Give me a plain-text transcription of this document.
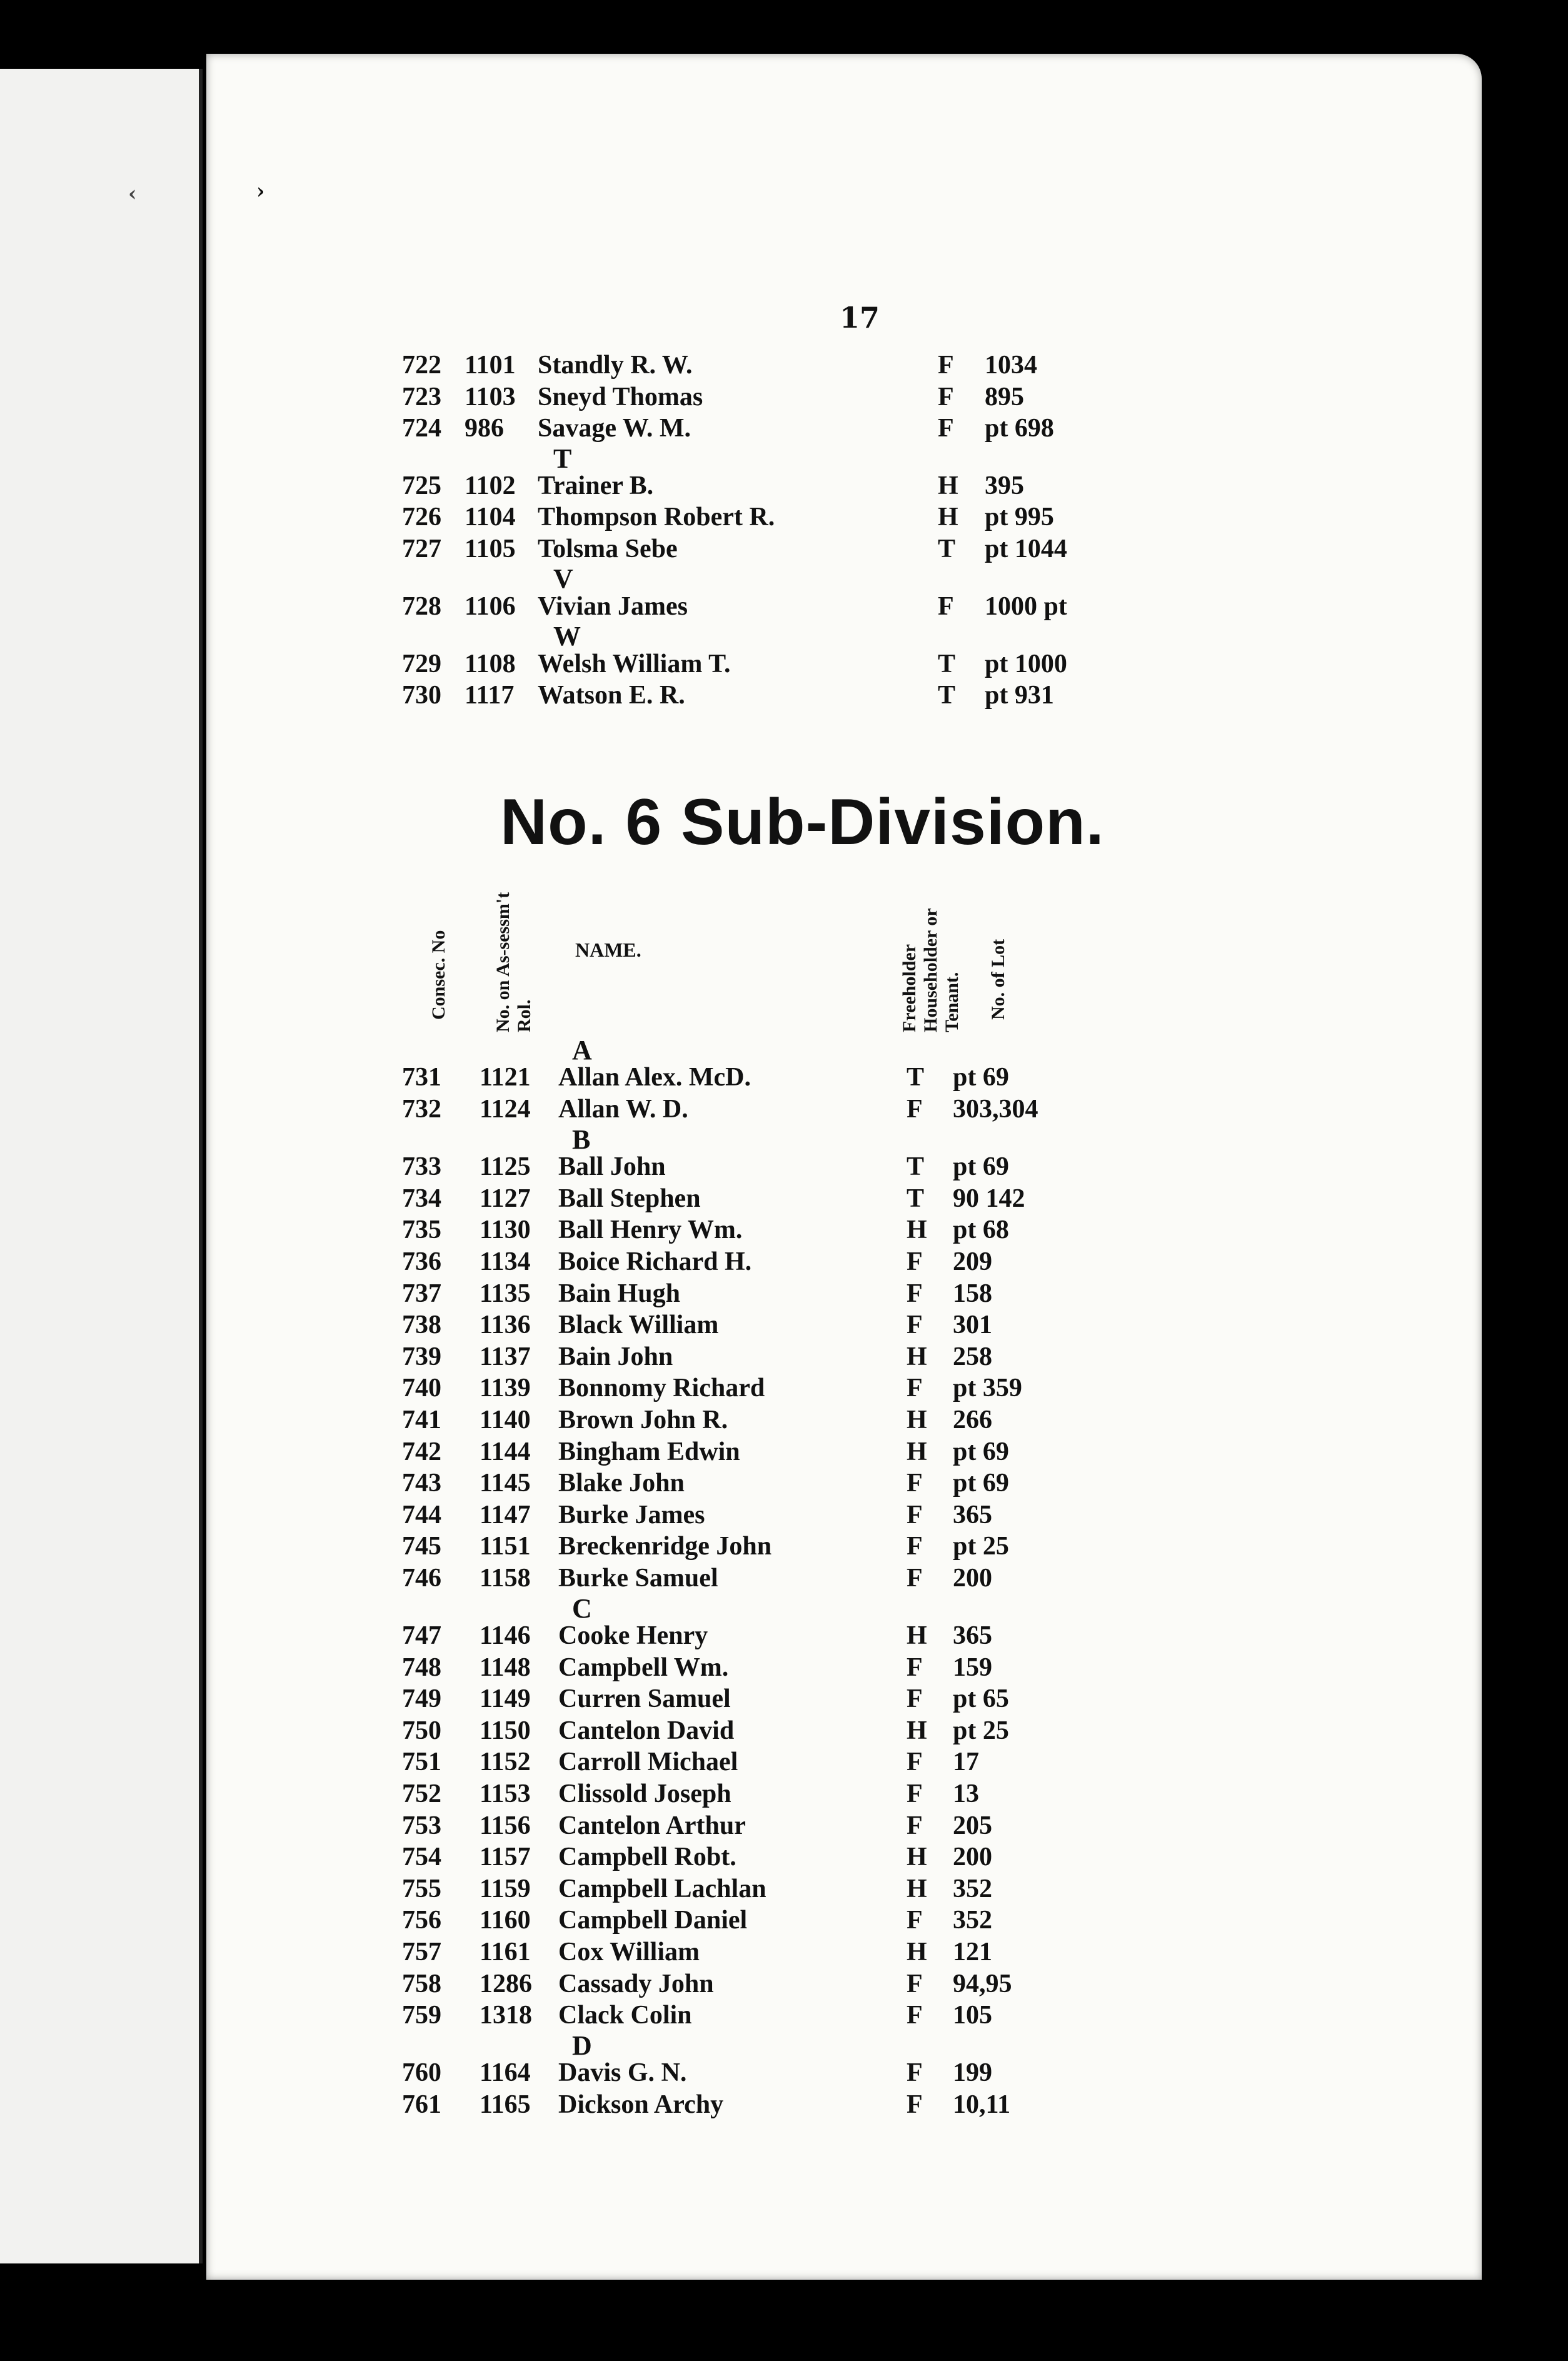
‹	›
17
722 1101 Standly R. W.	F 1034
723 1103 Sneyd Thomas	F 895
724 986 Savage W. M.	F pt 698
T
725 1102 Trainer B.	H 395
726 1104 Thompson Robert R.	H pt 995
727 1105 Tolsma Sebe	T pt 1044
V
728 1106 Vivian James	F 1000 pt
W
729 1108 Welsh William T.	T pt 1000
730 1117 Watson E. R.	T pt 931
No. 6 Sub-Division.
Consec. No No. on As-sessm't Rol.
NAME.	Freeholder Householder or Tenant. No. of Lot
A
731 1121 Allan Alex. McD.	T pt 69
732 1124 Allan W. D.	F 303,304
B
733 1125 Ball John	T pt 69
734 1127 Ball Stephen	T 90 142
735 1130 Ball Henry Wm.	H pt 68
736 1134 Boice Richard H.	F 209
737 1135 Bain Hugh	F 158
738 1136 Black William	F 301
739 1137 Bain John	H 258
740 1139 Bonnomy Richard	F pt 359
741 1140 Brown John R.	H 266
742 1144 Bingham Edwin	H pt 69
743 1145 Blake John	F pt 69
744 1147 Burke James	F 365
745 1151 Breckenridge John	F pt 25
746 1158 Burke Samuel	F 200
C
747 1146 Cooke Henry	H 365
748 1148 Campbell Wm.	F 159
749 1149 Curren Samuel	F pt 65
750 1150 Cantelon David	H pt 25
751 1152 Carroll Michael	F 17
752 1153 Clissold Joseph	F 13
753 1156 Cantelon Arthur	F 205
754 1157 Campbell Robt.	H 200
755 1159 Campbell Lachlan	H 352
756 1160 Campbell Daniel	F 352
757 1161 Cox William	H 121
758 1286 Cassady John	F 94,95
759 1318 Clack Colin	F 105
D
760 1164 Davis G. N.	F 199
761 1165 Dickson Archy	F 10,11
